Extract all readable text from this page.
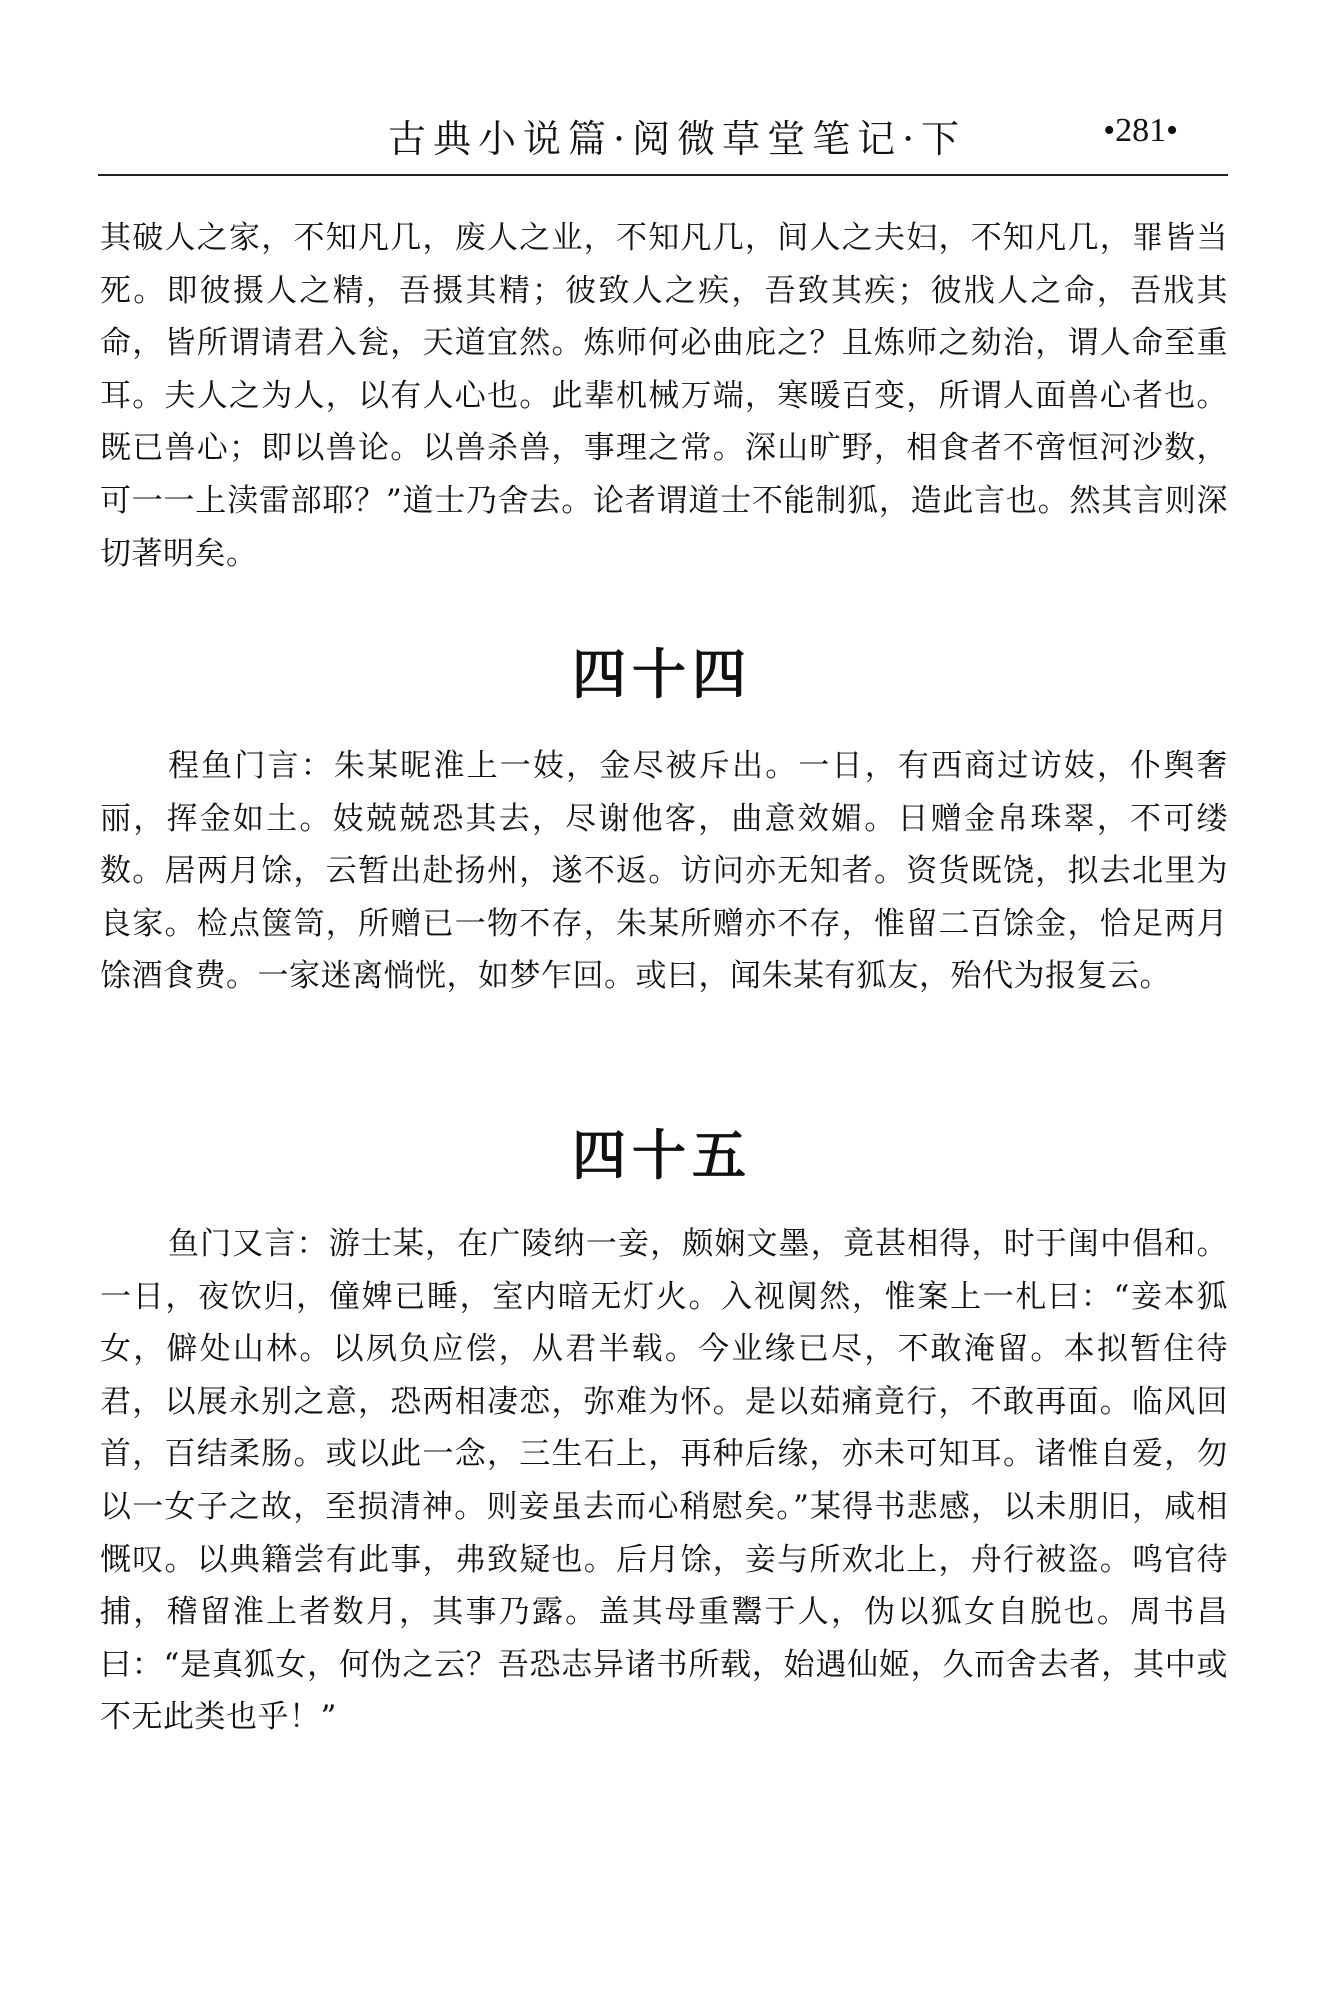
古典小说篇·阅微草堂笔记·下	•281•

其破人之家，不知凡几，废人之业，不知凡几，间人之夫妇，不知凡几，罪皆当死。即彼摄人之精，吾摄其精；彼致人之疾，吾致其疾；彼戕人之命，吾戕其命，皆所谓请君入瓮，天道宜然。炼师何必曲庇之？且炼师之劾治，谓人命至重耳。夫人之为人，以有人心也。此辈机械万端，寒暖百变，所谓人面兽心者也。既已兽心；即以兽论。以兽杀兽，事理之常。深山旷野，相食者不啻恒河沙数，可一一上渎雷部耶？”道士乃舍去。论者谓道士不能制狐，造此言也。然其言则深切著明矣。

四十四

程鱼门言：朱某昵淮上一妓，金尽被斥出。一日，有西商过访妓，仆舆奢丽，挥金如土。妓兢兢恐其去，尽谢他客，曲意效媚。日赠金帛珠翠，不可缕数。居两月馀，云暂出赴扬州，遂不返。访问亦无知者。资货既饶，拟去北里为良家。检点箧笥，所赠已一物不存，朱某所赠亦不存，惟留二百馀金，恰足两月馀酒食费。一家迷离惝恍，如梦乍回。或曰，闻朱某有狐友，殆代为报复云。

四十五

鱼门又言：游士某，在广陵纳一妾，颇娴文墨，竟甚相得，时于闺中倡和。一日，夜饮归，僮婢已睡，室内暗无灯火。入视阒然，惟案上一札曰：“妾本狐女，僻处山林。以夙负应偿，从君半载。今业缘已尽，不敢淹留。本拟暂住待君，以展永别之意，恐两相凄恋，弥难为怀。是以茹痛竟行，不敢再面。临风回首，百结柔肠。或以此一念，三生石上，再种后缘，亦未可知耳。诸惟自爱，勿以一女子之故，至损清神。则妾虽去而心稍慰矣。”某得书悲感，以未朋旧，咸相慨叹。以典籍尝有此事，弗致疑也。后月馀，妾与所欢北上，舟行被盗。鸣官待捕，稽留淮上者数月，其事乃露。盖其母重鬻于人，伪以狐女自脱也。周书昌曰：“是真狐女，何伪之云？吾恐志异诸书所载，始遇仙姬，久而舍去者，其中或不无此类也乎！”
